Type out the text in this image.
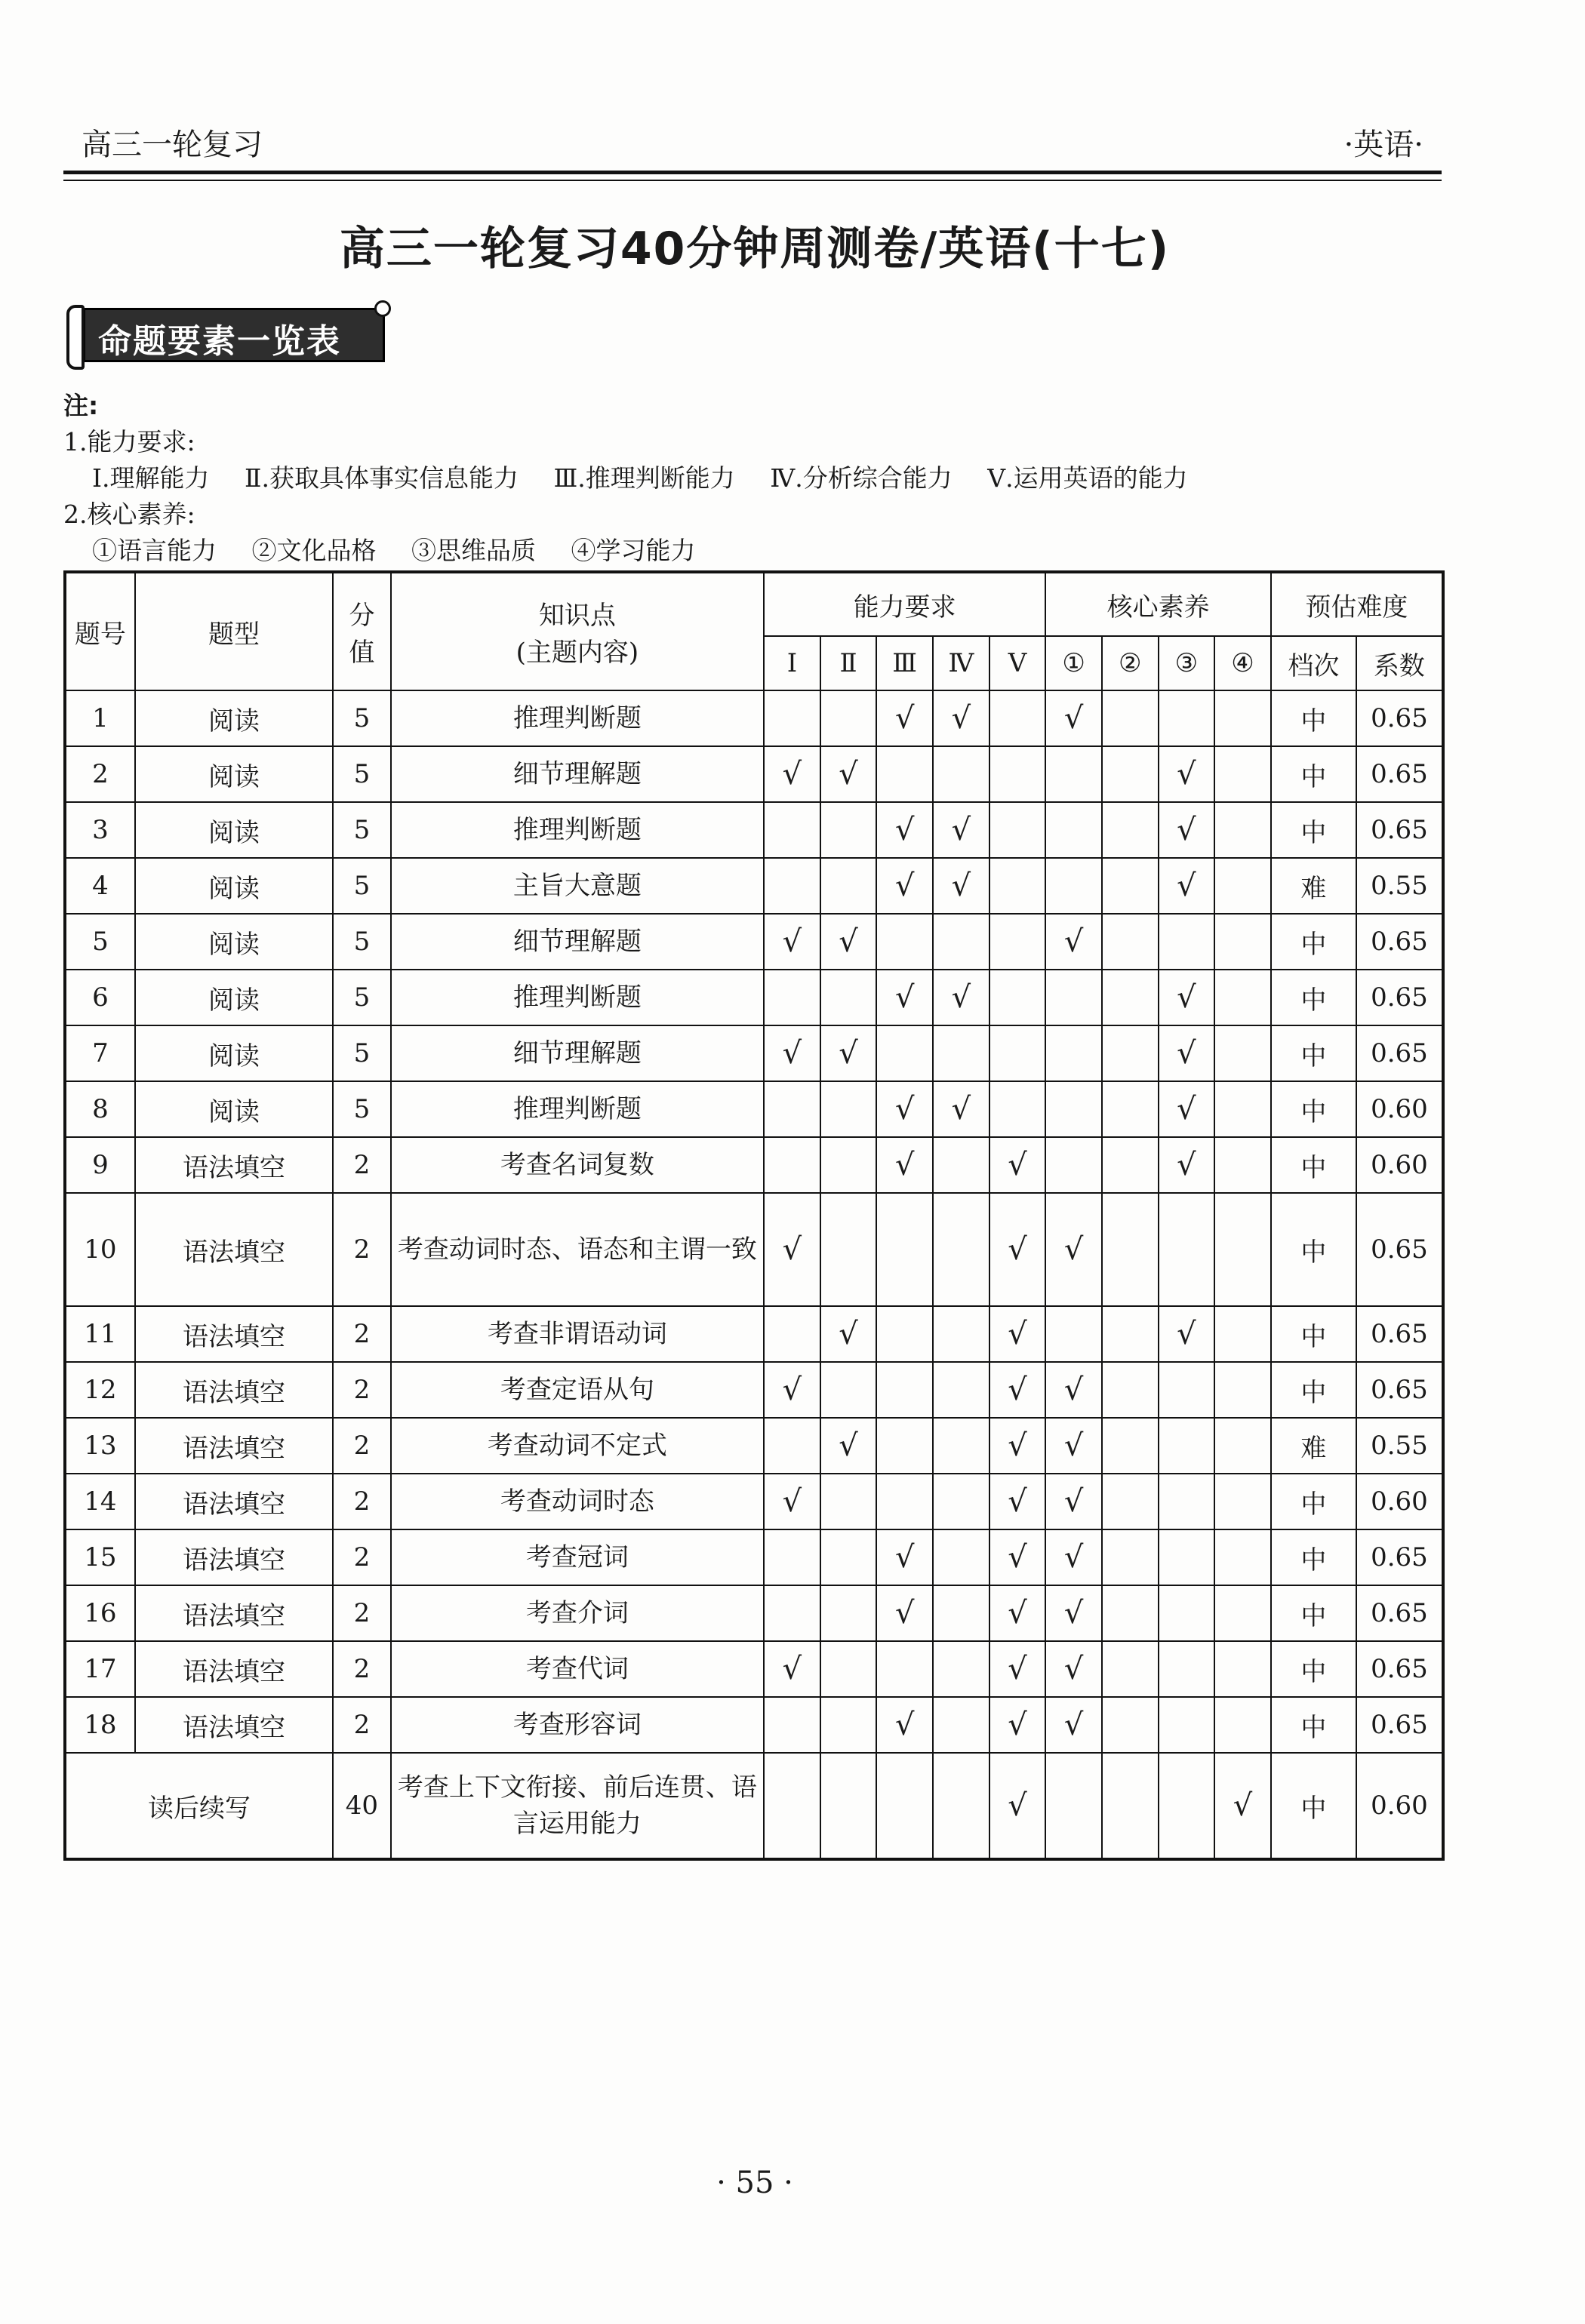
高三一轮复习	·英语·
高三一轮复习40分钟周测卷/英语(十七)
命题要素一览表
注:
1.能力要求:
Ⅰ.理解能力 Ⅱ.获取具体事实信息能力 Ⅲ.推理判断能力 Ⅳ.分析综合能力 Ⅴ.运用英语的能力
2.核心素养:
①语言能力 ②文化品格 ③思维品质 ④学习能力
题号	题型	分值	知识点
(主题内容)	能力要求					核心素养				预估难度	
				Ⅰ	Ⅱ	Ⅲ	Ⅳ	Ⅴ	①	②	③	④	档次	系数
1	阅读	5	推理判断题			√	√		√				中	0.65
2	阅读	5	细节理解题	√	√						√		中	0.65
3	阅读	5	推理判断题			√	√				√		中	0.65
4	阅读	5	主旨大意题			√	√				√		难	0.55
5	阅读	5	细节理解题	√	√				√				中	0.65
6	阅读	5	推理判断题			√	√				√		中	0.65
7	阅读	5	细节理解题	√	√						√		中	0.65
8	阅读	5	推理判断题			√	√				√		中	0.60
9	语法填空	2	考查名词复数			√		√			√		中	0.60
10	语法填空	2	考查动词时态、语态和主谓一致	√				√	√				中	0.65
11	语法填空	2	考查非谓语动词		√			√			√		中	0.65
12	语法填空	2	考查定语从句	√				√	√				中	0.65
13	语法填空	2	考查动词不定式		√			√	√				难	0.55
14	语法填空	2	考查动词时态	√				√	√				中	0.60
15	语法填空	2	考查冠词			√		√	√				中	0.65
16	语法填空	2	考查介词			√		√	√				中	0.65
17	语法填空	2	考查代词	√				√	√				中	0.65
18	语法填空	2	考查形容词			√		√	√				中	0.65
读后续写		40	考查上下文衔接、前后连贯、语言运用能力					√				√	中	0.60
· 55 ·
